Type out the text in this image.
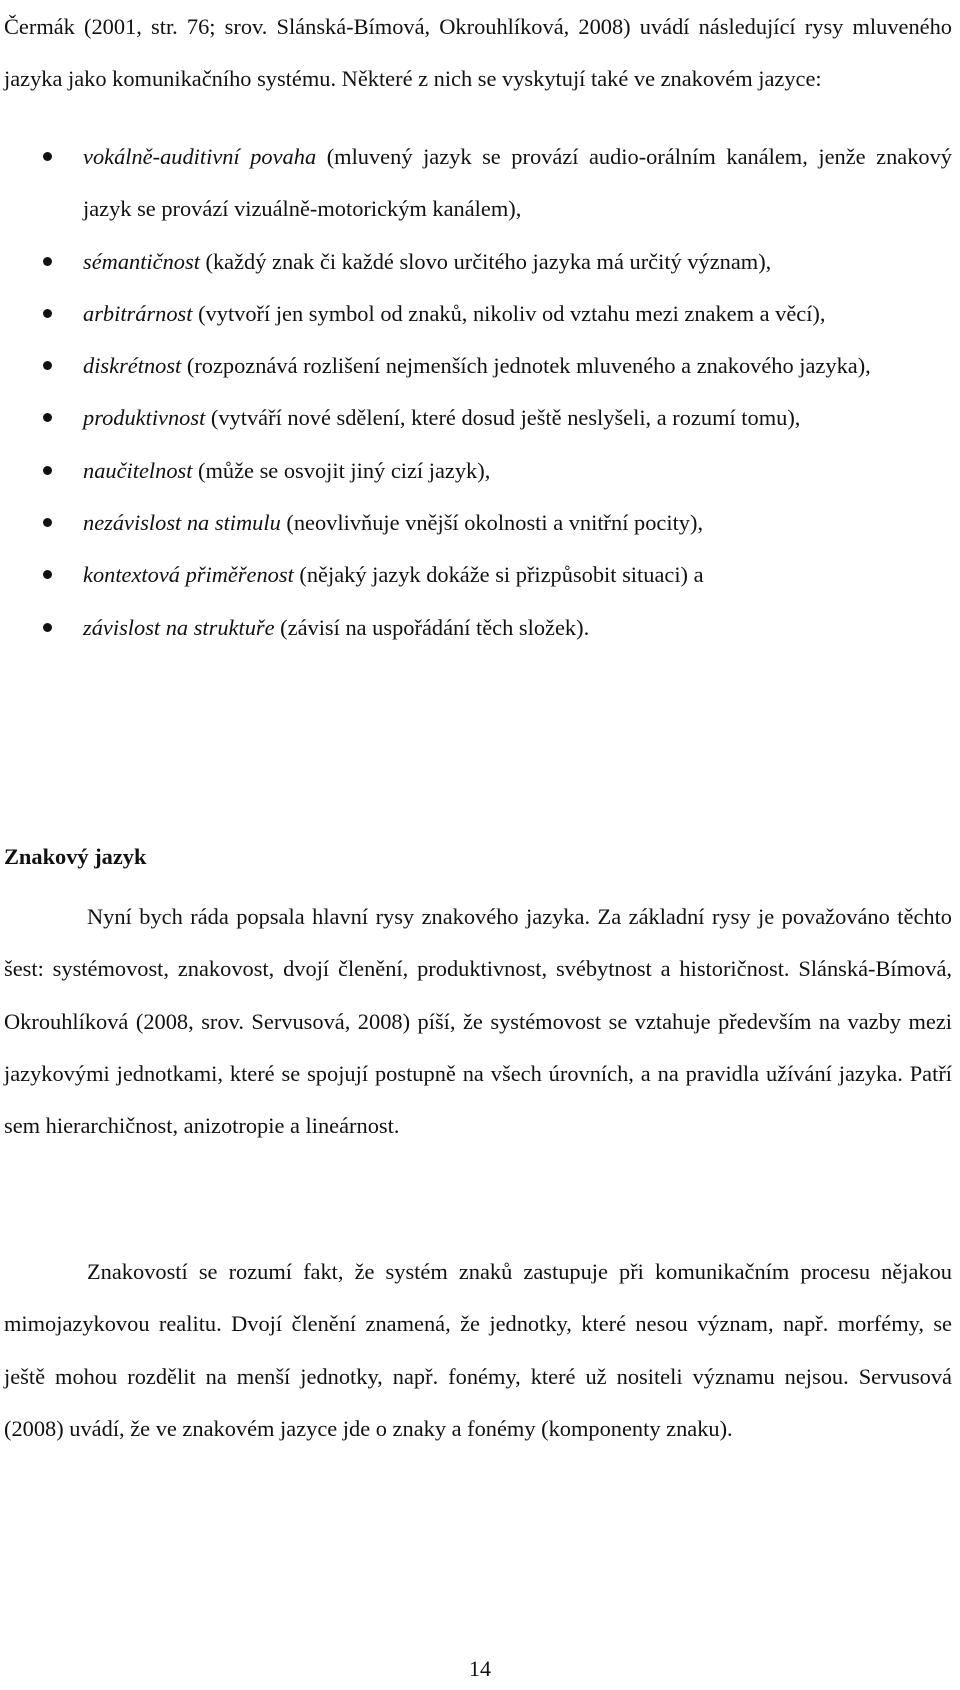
Čermák (2001, str. 76; srov. Slánská-Bímová, Okrouhlíková, 2008) uvádí následující rysy mluveného jazyka jako komunikačního systému. Některé z nich se vyskytují také ve znakovém jazyce:

vokálně-auditivní povaha (mluvený jazyk se provází audio-orálním kanálem, jenže znakový jazyk se provází vizuálně-motorickým kanálem),
sémantičnost (každý znak či každé slovo určitého jazyka má určitý význam),
arbitrárnost (vytvoří jen symbol od znaků, nikoliv od vztahu mezi znakem a věcí),
diskrétnost (rozpoznává rozlišení nejmenších jednotek mluveného a znakového jazyka),
produktivnost (vytváří nové sdělení, které dosud ještě neslyšeli, a rozumí tomu),
naučitelnost (může se osvojit jiný cizí jazyk),
nezávislost na stimulu (neovlivňuje vnější okolnosti a vnitřní pocity),
kontextová přiměřenost (nějaký jazyk dokáže si přizpůsobit situaci) a
závislost na struktuře (závisí na uspořádání těch složek).
Znakový jazyk

Nyní bych ráda popsala hlavní rysy znakového jazyka. Za základní rysy je považováno těchto šest: systémovost, znakovost, dvojí členění, produktivnost, svébytnost a historičnost. Slánská-Bímová, Okrouhlíková (2008, srov. Servusová, 2008) píší, že systémovost se vztahuje především na vazby mezi jazykovými jednotkami, které se spojují postupně na všech úrovních, a na pravidla užívání jazyka. Patří sem hierarchičnost, anizotropie a lineárnost.

Znakovostí se rozumí fakt, že systém znaků zastupuje při komunikačním procesu nějakou mimojazykovou realitu. Dvojí členění znamená, že jednotky, které nesou význam, např. morfémy, se ještě mohou rozdělit na menší jednotky, např. fonémy, které už nositeli významu nejsou. Servusová (2008) uvádí, že ve znakovém jazyce jde o znaky a fonémy (komponenty znaku).

14
